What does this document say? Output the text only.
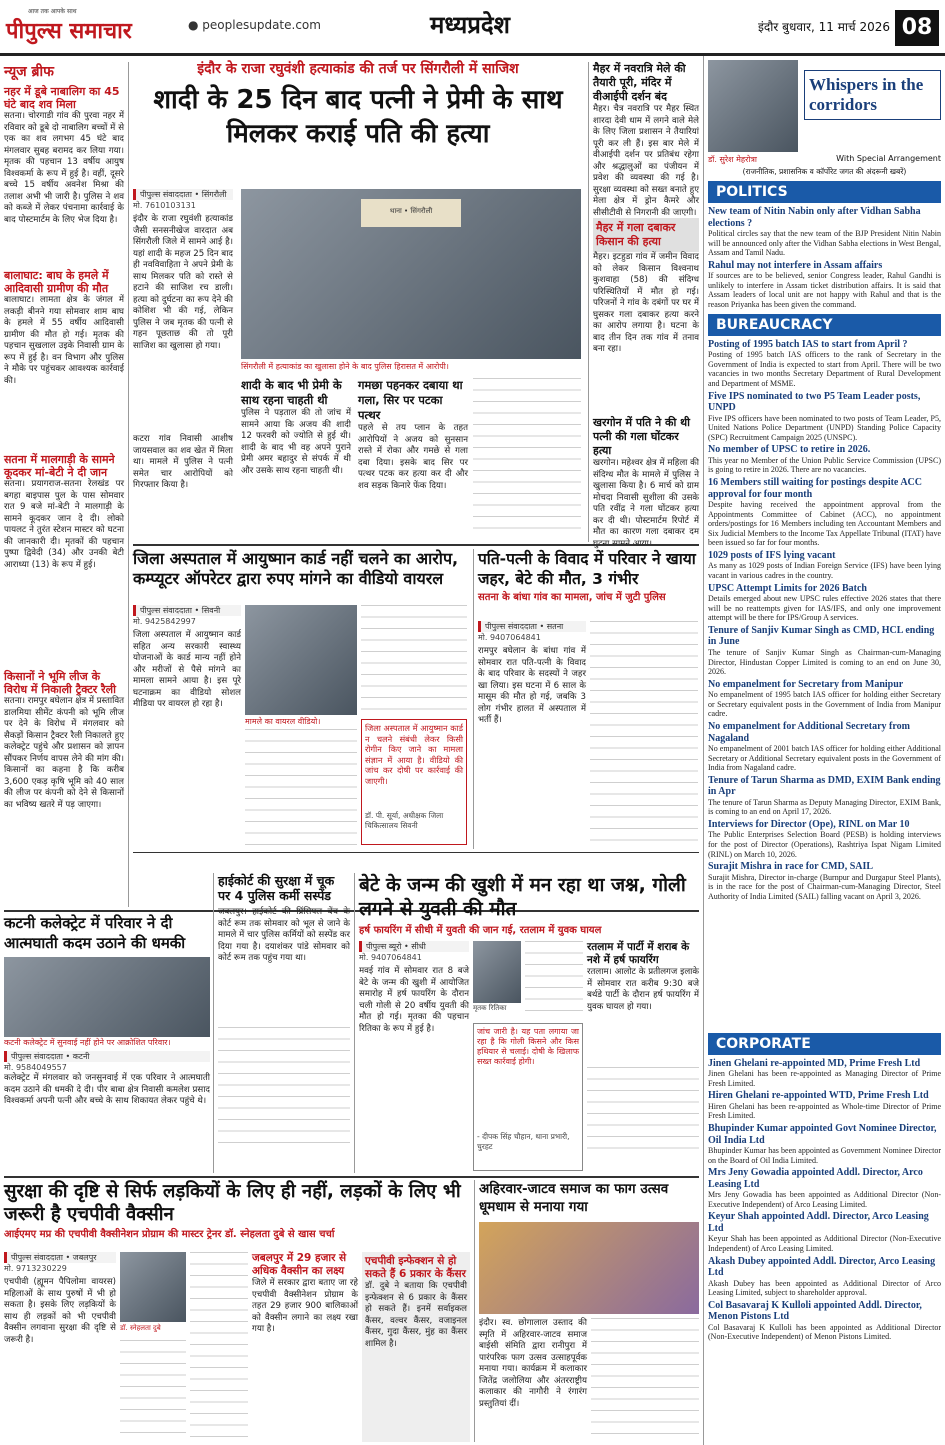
आज तक आपके साथ
पीपुल्स समाचार	● peoplesupdate.com	मध्यप्रदेश	इंदौर बुधवार, 11 मार्च 2026 08
न्यूज ब्रीफ
नहर में डूबे नाबालिग का 45 घंटे बाद शव मिला
सतना। चोरगाडी गांव की पुरवा नहर में रविवार को डूबे दो नाबालिग बच्चों में से एक का शव लगभग 45 घंटे बाद मंगलवार सुबह बरामद कर लिया गया। मृतक की पहचान 13 वर्षीय आयुष विश्वकर्मा के रूप में हुई है। वहीं, दूसरे बच्चे 15 वर्षीय अवनेश मिश्रा की तलाश अभी भी जारी है। पुलिस ने शव को कब्जे में लेकर पंचनामा कार्रवाई के बाद पोस्टमार्टम के लिए भेज दिया है।
बालाघाट: बाघ के हमले में आदिवासी ग्रामीण की मौत
बालाघाट। लामता क्षेत्र के जंगल में लकड़ी बीनने गया सोमवार शाम बाघ के हमले में 55 वर्षीय आदिवासी ग्रामीण की मौत हो गई। मृतक की पहचान सुखलाल उइके निवासी ग्राम के रूप में हुई है। वन विभाग और पुलिस ने मौके पर पहुंचकर आवश्यक कार्रवाई की।
सतना में मालगाड़ी के सामने कूदकर मां-बेटी ने दी जान
सतना। प्रयागराज-सतना रेलखंड पर बगहा बाइपास पुल के पास सोमवार रात 9 बजे मां-बेटी ने मालगाड़ी के सामने कूदकर जान दे दी। लोको पायलट ने तुरंत स्टेशन मास्टर को घटना की जानकारी दी। मृतकों की पहचान पुष्पा द्विवेदी (34) और उनकी बेटी आराध्या (13) के रूप में हुई।
किसानों ने भूमि लीज के विरोध में निकाली ट्रैक्टर रैली
सतना। रामपुर बघेलान क्षेत्र में प्रस्तावित डालमिया सीमेंट कंपनी को भूमि लीज पर देने के विरोध में मंगलवार को सैकड़ों किसान ट्रैक्टर रैली निकालते हुए कलेक्ट्रेट पहुंचे और प्रशासन को ज्ञापन सौंपकर निर्णय वापस लेने की मांग की। किसानों का कहना है कि करीब 3,600 एकड़ कृषि भूमि को 40 साल की लीज पर कंपनी को देने से किसानों का भविष्य खतरे में पड़ जाएगा।
इंदौर के राजा रघुवंशी हत्याकांड की तर्ज पर सिंगरौली में साजिश
शादी के 25 दिन बाद पत्नी ने प्रेमी के साथ मिलकर कराई पति की हत्या
पीपुल्स संवाददाता • सिंगरौली
मो. 7610103131
इंदौर के राजा रघुवंशी हत्याकांड जैसी सनसनीखेज वारदात अब सिंगरौली जिले में सामने आई है। यहां शादी के महज 25 दिन बाद ही नवविवाहिता ने अपने प्रेमी के साथ मिलकर पति को रास्ते से हटाने की साजिश रच डाली। हत्या को दुर्घटना का रूप देने की कोशिश भी की गई, लेकिन पुलिस ने जब मृतक की पत्नी से गहन पूछताछ की तो पूरी साजिश का खुलासा हो गया।
कटरा गांव निवासी आशीष जायसवाल का शव खेत में मिला था। मामले में पुलिस ने पत्नी समेत चार आरोपियों को गिरफ्तार किया है।
थाना • सिंगरौली
सिंगरौली में हत्याकांड का खुलासा होने के बाद पुलिस हिरासत में आरोपी।
शादी के बाद भी प्रेमी के साथ रहना चाहती थी
पुलिस ने पड़ताल की तो जांच में सामने आया कि अजय की शादी 12 फरवरी को ज्योति से हुई थी। शादी के बाद भी वह अपने पुराने प्रेमी अमर बहादुर से संपर्क में थी और उसके साथ रहना चाहती थी।
गमछा पहनकर दबाया था गला, सिर पर पटका पत्थर
पहले से तय प्लान के तहत आरोपियों ने अजय को सुनसान रास्ते में रोका और गमछे से गला दबा दिया। इसके बाद सिर पर पत्थर पटक कर हत्या कर दी और शव सड़क किनारे फेंक दिया।
मैहर में नवरात्रि मेले की तैयारी पूरी, मंदिर में वीआईपी दर्शन बंद
मैहर। चैत्र नवरात्रि पर मैहर स्थित शारदा देवी धाम में लगने वाले मेले के लिए जिला प्रशासन ने तैयारियां पूरी कर ली हैं। इस बार मेले में वीआईपी दर्शन पर प्रतिबंध रहेगा और श्रद्धालुओं का पंजीयन में प्रवेश की व्यवस्था की गई है। सुरक्षा व्यवस्था को सख्त बनाते हुए मेला क्षेत्र में ड्रोन कैमरे और सीसीटीवी से निगरानी की जाएगी।
मैहर में गला दबाकर किसान की हत्या
मैहर। इटहुडा गांव में जमीन विवाद को लेकर किसान विश्वनाथ कुशवाहा (58) की संदिग्ध परिस्थितियों में मौत हो गई। परिजनों ने गांव के दबंगों पर घर में घुसकर गला दबाकर हत्या करने का आरोप लगाया है। घटना के बाद तीन दिन तक गांव में तनाव बना रहा।
खरगोन में पति ने की थी पत्नी की गला घोंटकर हत्या
खरगोन। महेश्वर क्षेत्र में महिला की संदिग्ध मौत के मामले में पुलिस ने खुलासा किया है। 6 मार्च को ग्राम मोचदा निवासी सुशीला की उसके पति रवींद्र ने गला घोंटकर हत्या कर दी थी। पोस्टमार्टम रिपोर्ट में मौत का कारण गला दबाकर दम
जिला अस्पताल में आयुष्मान कार्ड नहीं चलने का आरोप, कम्प्यूटर ऑपरेटर द्वारा रुपए मांगने का वीडियो वायरल
पीपुल्स संवाददाता • सिवनी
मो. 9425842997
जिला अस्पताल में आयुष्मान कार्ड सहित अन्य सरकारी स्वास्थ्य योजनाओं के कार्ड मान्य नहीं होने और मरीजों से पैसे मांगने का मामला सामने आया है। इस पूरे घटनाक्रम का वीडियो सोशल मीडिया पर वायरल हो रहा है।
मामले का वायरल वीडियो।
जिला अस्पताल में आयुष्मान कार्ड न चलने संबंधी लेकर किसी रोगीन किए जाने का मामला संज्ञान में आया है। वीडियो की जांच कर दोषी पर कार्रवाई की जाएगी।
डॉ. पी. सूर्या, अधीक्षक जिला चिकित्सालय सिवनी
पति-पत्नी के विवाद में परिवार ने खाया जहर, बेटे की मौत, 3 गंभीर
सतना के बांधा गांव का मामला, जांच में जुटी पुलिस
पीपुल्स संवाददाता • सतना
मो. 9407064841
रामपुर बघेलान के बांधा गांव में सोमवार रात पति-पत्नी के विवाद के बाद परिवार के सदस्यों ने जहर खा लिया। इस घटना में 6 साल के मासूम की मौत हो गई, जबकि 3 लोग गंभीर हालत में अस्पताल में भर्ती हैं।
कटनी कलेक्ट्रेट में परिवार ने दी आत्मघाती कदम उठाने की धमकी
कटनी कलेक्ट्रेट में सुनवाई नहीं होने पर आक्रोशित परिवार।
पीपुल्स संवाददाता • कटनी
मो. 9584049557
कलेक्ट्रेट में मंगलवार को जनसुनवाई में एक परिवार ने आत्मघाती कदम उठाने की धमकी दे दी। पीर बाबा क्षेत्र निवासी कमलेश प्रसाद विश्वकर्मा अपनी पत्नी और बच्चे के साथ शिकायत लेकर पहुंचे थे।
हाईकोर्ट की सुरक्षा में चूक पर 4 पुलिस कर्मी सस्पेंड
जबलपुर। हाईकोर्ट की प्रिंसिपल बेंच के कोर्ट रूम तक सोमवार को भूल से जाने के मामले में चार पुलिस कर्मियों को सस्पेंड कर दिया गया है। दयाशंकर पांडे सोमवार को कोर्ट रूम तक पहुंच गया था।
बेटे के जन्म की खुशी में मन रहा था जश्न, गोली लगने से युवती की मौत
हर्ष फायरिंग में सीधी में युवती की जान गई, रतलाम में युवक घायल
पीपुल्स ब्यूरो • सीधी
मो. 9407064841
मवई गांव में सोमवार रात 8 बजे बेटे के जन्म की खुशी में आयोजित समारोह में हर्ष फायरिंग के दौरान चली गोली से 20 वर्षीय युवती की मौत हो गई। मृतका की पहचान रितिका के रूप में हुई है।
मृतक रितिका
जांच जारी है। यह पता लगाया जा रहा है कि गोली किसने और किस हथियार से चलाई। दोषी के खिलाफ सख्त कार्रवाई होगी।
- दीपक सिंह चौहान, थाना प्रभारी, चुरहट
रतलाम में पार्टी में शराब के नशे में हर्ष फायरिंग
रतलाम। आलोट के प्रतीलगज इलाके में सोमवार रात करीब 9:30 बजे बर्थडे पार्टी के दौरान हर्ष फायरिंग में युवक घायल हो गया।
सुरक्षा की दृष्टि से सिर्फ लड़कियों के लिए ही नहीं, लड़कों के लिए भी जरूरी है एचपीवी वैक्सीन
आईएमए मप्र की एचपीवी वैक्सीनेशन प्रोग्राम की मास्टर ट्रेनर डॉ. स्नेहलता दुबे से खास चर्चा
पीपुल्स संवाददाता • जबलपुर
मो. 9713230229
एचपीवी (ह्यूमन पैपिलोमा वायरस) महिलाओं के साथ पुरुषों में भी हो सकता है। इसके लिए लड़कियों के साथ ही लड़कों को भी एचपीवी वैक्सीन लगवाना सुरक्षा की दृष्टि से जरूरी है।
डॉ. स्नेहलता दुबे
जबलपुर में 29 हजार से अधिक वैक्सीन का लक्ष्य
जिले में सरकार द्वारा बताए जा रहे एचपीवी वैक्सीनेशन प्रोग्राम के तहत 29 हजार 900 बालिकाओं को वैक्सीन लगाने का लक्ष्य रखा गया है।
एचपीवी इन्फेक्शन से हो सकते हैं 6 प्रकार के कैंसर
डॉ. दुबे ने बताया कि एचपीवी इन्फेक्शन से 6 प्रकार के कैंसर हो सकते हैं। इनमें सर्वाइकल कैंसर, वल्वर कैंसर, वजाइनल कैंसर, गुदा कैंसर, मुंह का कैंसर शामिल है।
अहिरवार-जाटव समाज का फाग उत्सव धूमधाम से मनाया गया
इंदौर। स्व. छोगालाल उस्ताद की स्मृति में अहिरवार-जाटव समाज बाईसी संमिति द्वारा रानीपुरा में पारंपरिक फाग उत्सव उत्साहपूर्वक मनाया गया। कार्यक्रम में कलाकार जितेंद्र जलोलिया और अंतरराष्ट्रीय कलाकार की नागौरी ने रंगारंग प्रस्तुतियां दीं।
Whispers in the corridors
डॉ. सुरेश मेहरोत्रा	With Special Arrangement
(राजनीतिक, प्रशासनिक व कॉर्पोरेट जगत की अंदरूनी खबरें)
POLITICS
New team of Nitin Nabin only after Vidhan Sabha elections ?
Political circles say that the new team of the BJP President Nitin Nabin will be announced only after the Vidhan Sabha elections in West Bengal, Assam and Tamil Nadu.
Rahul may not interfere in Assam affairs
If sources are to be believed, senior Congress leader, Rahul Gandhi is unlikely to interfere in Assam ticket distribution affairs. It is said that Assam leaders of local unit are not happy with Rahul and that is the reason Priyanka has been given the command.
BUREAUCRACY
Posting of 1995 batch IAS to start from April ?
Posting of 1995 batch IAS officers to the rank of Secretary in the Government of India is expected to start from April. There will be two vacancies in two months Secretary Department of Rural Development and Department of MSME.
Five IPS nominated to two P5 Team Leader posts, UNPD
Five IPS officers have been nominated to two posts of Team Leader, P5, United Nations Police Department (UNPD) Standing Police Capacity (SPC) Recruitment Campaign 2025 (UNSPC).
No member of UPSC to retire in 2026.
This year no Member of the Union Public Service Commission (UPSC) is going to retire in 2026. There are no vacancies.
16 Members still waiting for postings despite ACC approval for four month
Despite having received the appointment approval from the Appointments Committee of Cabinet (ACC), no appointment orders/postings for 16 Members including ten Accountant Members and Six Judicial Members to the Income Tax Appellate Tribunal (ITAT) have been issued so far for four months.
1029 posts of IFS lying vacant
As many as 1029 posts of Indian Foreign Service (IFS) have been lying vacant in various cadres in the country.
UPSC Attempt Limits for 2026 Batch
Details emerged about new UPSC rules effective 2026 states that there will be no reattempts given for IAS/IFS, and only one improvement attempt will be there for IPS/Group A services.
Tenure of Sanjiv Kumar Singh as CMD, HCL ending in June
The tenure of Sanjiv Kumar Singh as Chairman-cum-Managing Director, Hindustan Copper Limited is coming to an end on June 30, 2026.
No empanelment for Secretary from Manipur
No empanelment of 1995 batch IAS officer for holding either Secretary or Secretary equivalent posts in the Government of India from Manipur cadre.
No empanelment for Additional Secretary from Nagaland
No empanelment of 2001 batch IAS officer for holding either Additional Secretary or Additional Secretary equivalent posts in the Government of India from Nagaland cadre.
Tenure of Tarun Sharma as DMD, EXIM Bank ending in Apr
The tenure of Tarun Sharma as Deputy Managing Director, EXIM Bank, is coming to an end on April 17, 2026.
Interviews for Director (Ope), RINL on Mar 10
The Public Enterprises Selection Board (PESB) is holding interviews for the post of Director (Operations), Rashtriya Ispat Nigam Limited (RINL) on March 10, 2026.
Surajit Mishra in race for CMD, SAIL
Surajit Mishra, Director in-charge (Burnpur and Durgapur Steel Plants), is in the race for the post of Chairman-cum-Managing Director, Steel Authority of India Limited (SAIL) falling vacant on April 3, 2026.
CORPORATE
Jinen Ghelani re-appointed MD, Prime Fresh Ltd
Jinen Ghelani has been re-appointed as Managing Director of Prime Fresh Limited.
Hiren Ghelani re-appointed WTD, Prime Fresh Ltd
Hiren Ghelani has been re-appointed as Whole-time Director of Prime Fresh Limited.
Bhupinder Kumar appointed Govt Nominee Director, Oil India Ltd
Bhupinder Kumar has been appointed as Government Nominee Director on the Board of Oil India Limited.
Mrs Jeny Gowadia appointed Addl. Director, Arco Leasing Ltd
Mrs Jeny Gowadia has been appointed as Additional Director (Non-Executive Independent) of Arco Leasing Limited.
Keyur Shah appointed Addl. Director, Arco Leasing Ltd
Keyur Shah has been appointed as Additional Director (Non-Executive Independent) of Arco Leasing Limited.
Akash Dubey appointed Addl. Director, Arco Leasing Ltd
Akash Dubey has been appointed as Additional Director of Arco Leasing Limited, subject to shareholder approval.
Col Basavaraj K Kulloli appointed Addl. Director, Menon Pistons Ltd
Col Basavaraj K Kulloli has been appointed as Additional Director (Non-Executive Independent) of Menon Pistons Limited.
